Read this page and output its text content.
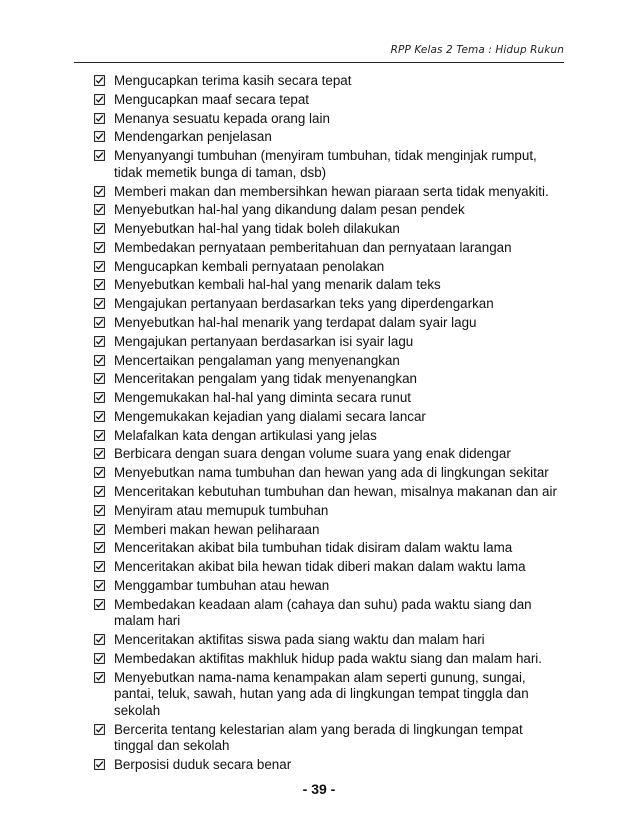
RPP Kelas 2 Tema : Hidup Rukun
Mengucapkan terima kasih secara tepat
Mengucapkan maaf secara tepat
Menanya sesuatu kepada orang lain
Mendengarkan penjelasan
Menyanyangi tumbuhan (menyiram tumbuhan, tidak menginjak rumput, tidak memetik bunga di taman, dsb)
Memberi makan dan membersihkan hewan piaraan serta tidak menyakiti.
Menyebutkan hal-hal yang dikandung dalam pesan pendek
Menyebutkan hal-hal yang tidak boleh dilakukan
Membedakan pernyataan pemberitahuan dan pernyataan larangan
Mengucapkan kembali pernyataan penolakan
Menyebutkan kembali hal-hal yang menarik dalam teks
Mengajukan pertanyaan berdasarkan teks yang diperdengarkan
Menyebutkan hal-hal menarik yang terdapat dalam syair lagu
Mengajukan pertanyaan berdasarkan isi syair lagu
Mencertaikan pengalaman yang menyenangkan
Menceritakan pengalam yang tidak menyenangkan
Mengemukakan hal-hal yang diminta secara runut
Mengemukakan kejadian yang dialami secara lancar
Melafalkan kata dengan artikulasi yang jelas
Berbicara dengan suara dengan volume suara yang enak didengar
Menyebutkan nama tumbuhan dan hewan yang ada di lingkungan sekitar
Menceritakan kebutuhan tumbuhan dan hewan, misalnya makanan dan air
Menyiram atau memupuk tumbuhan
Memberi makan hewan peliharaan
Menceritakan akibat bila tumbuhan tidak disiram dalam waktu lama
Menceritakan akibat bila hewan tidak diberi makan dalam waktu lama
Menggambar tumbuhan atau hewan
Membedakan keadaan alam (cahaya dan suhu) pada waktu siang dan malam hari
Menceritakan aktifitas siswa pada siang waktu dan malam hari
Membedakan aktifitas makhluk hidup pada waktu siang dan malam hari.
Menyebutkan nama-nama kenampakan alam seperti gunung, sungai, pantai, teluk, sawah, hutan yang ada di lingkungan tempat tinggla dan sekolah
Bercerita tentang kelestarian alam yang berada di lingkungan tempat tinggal dan sekolah
Berposisi duduk secara benar
- 39 -
